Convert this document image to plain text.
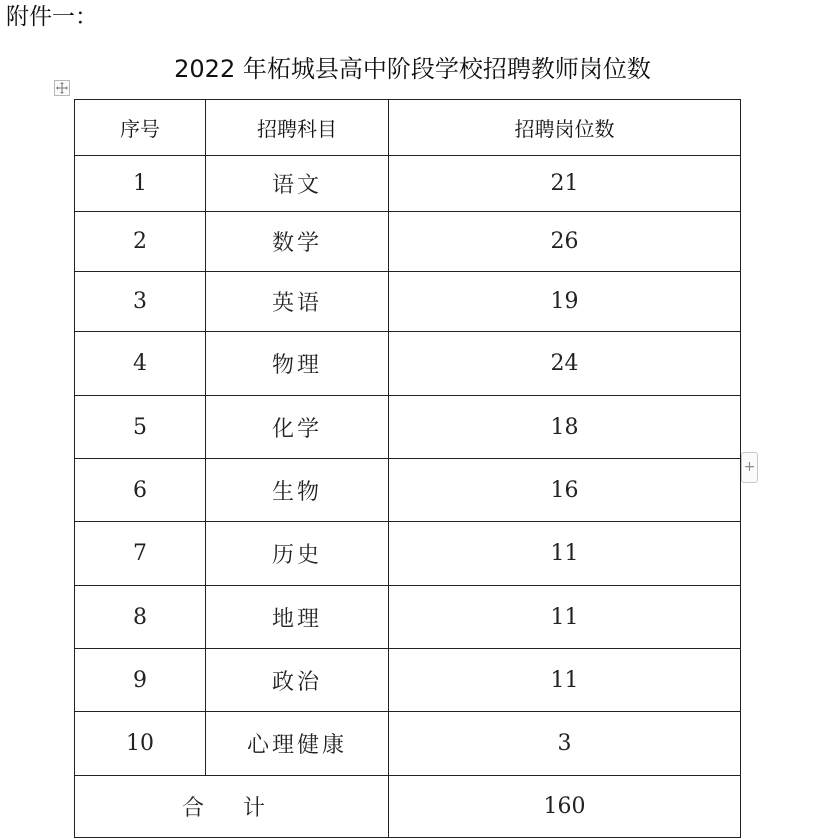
附件一：
2022 年柘城县高中阶段学校招聘教师岗位数
+
序号	招聘科目	招聘岗位数
1	语文	21
2	数学	26
3	英语	19
4	物理	24
5	化学	18
6	生物	16
7	历史	11
8	地理	11
9	政治	11
10	心理健康	3
合 计		160
